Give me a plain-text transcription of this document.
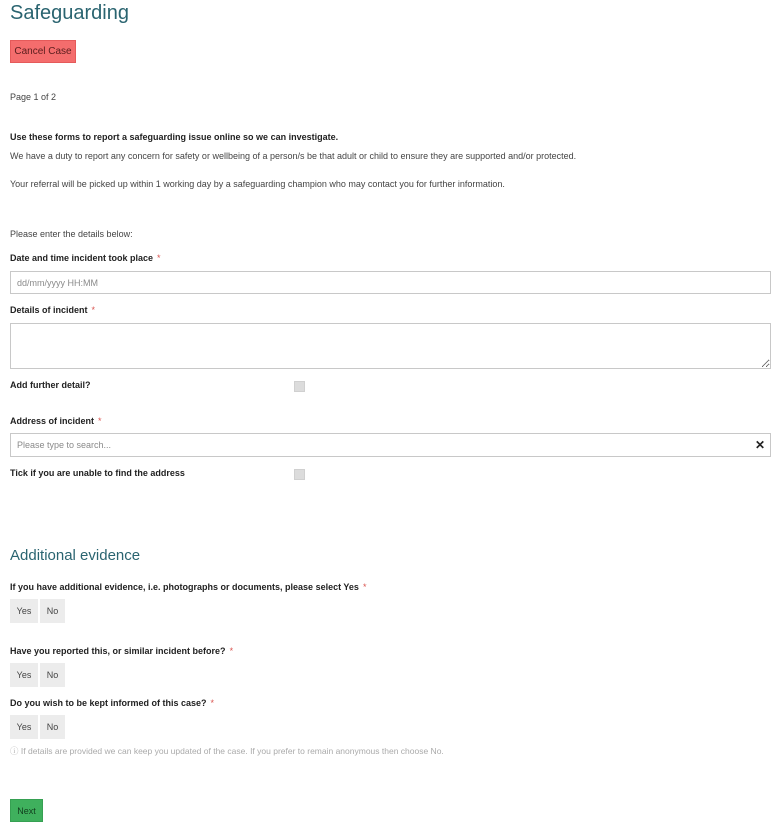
Safeguarding
Cancel Case
Page 1 of 2
Use these forms to report a safeguarding issue online so we can investigate.
We have a duty to report any concern for safety or wellbeing of a person/s be that adult or child to ensure they are supported and/or protected.
Your referral will be picked up within 1 working day by a safeguarding champion who may contact you for further information.
Please enter the details below:
Date and time incident took place *
dd/mm/yyyy HH:MM
Details of incident *
Add further detail?
Address of incident *
Please type to search...
✕
Tick if you are unable to find the address
Additional evidence
If you have additional evidence, i.e. photographs or documents, please select Yes *
Yes	No
Have you reported this, or similar incident before? *
Yes	No
Do you wish to be kept informed of this case? *
Yes	No
ⓘ If details are provided we can keep you updated of the case. If you prefer to remain anonymous then choose No.
Next
